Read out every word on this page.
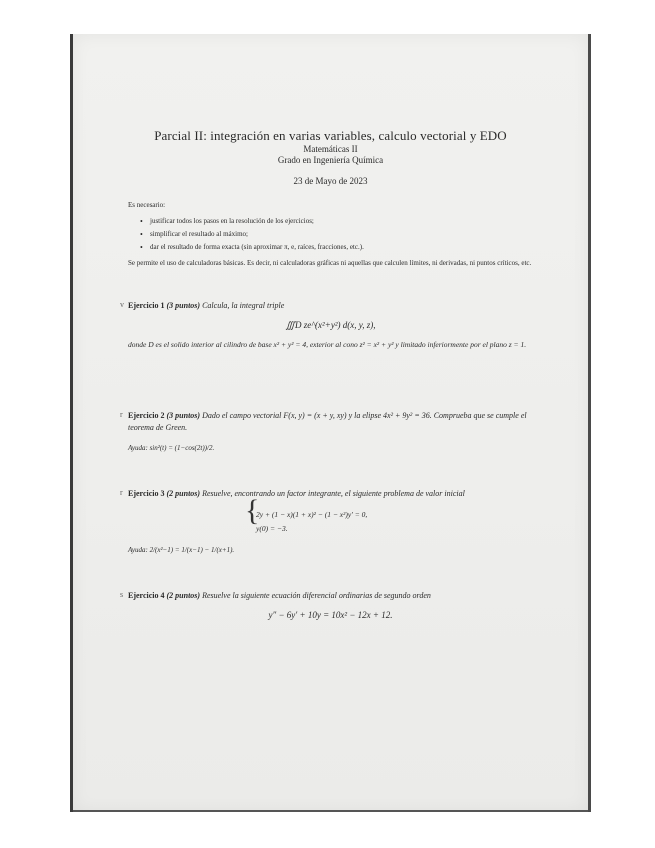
Parcial II: integración en varias variables, calculo vectorial y EDO
Matemáticas II
Grado en Ingeniería Química
23 de Mayo de 2023
Es necesario:
• justificar todos los pasos en la resolución de los ejercicios;
• simplificar el resultado al máximo;
• dar el resultado de forma exacta (sin aproximar π, e, raíces, fracciones, etc.).
Se permite el uso de calculadoras básicas. Es decir, ni calculadoras gráficas ni aquellas que calculen límites, ni derivadas, ni puntos críticos, etc.
v Ejercicio 1 (3 puntos) Calcula, la integral triple
∭D ze^(x²+y²) d(x, y, z),
donde D es el solido interior al cilindro de base x² + y² = 4, exterior al cono z² = x² + y² y limitado inferiormente por el plano z = 1.
r Ejercicio 2 (3 puntos) Dado el campo vectorial F(x, y) = (x + y, xy) y la elipse 4x² + 9y² = 36. Comprueba que se cumple el teorema de Green.
Ayuda: sin²(t) = (1−cos(2t))/2.
r Ejercicio 3 (2 puntos) Resuelve, encontrando un factor integrante, el siguiente problema de valor inicial
{ 2y + (1 − x)(1 + x)² − (1 − x²)y′ = 0,
y(0) = −3.
Ayuda: 2/(x²−1) = 1/(x−1) − 1/(x+1).
s Ejercicio 4 (2 puntos) Resuelve la siguiente ecuación diferencial ordinarias de segundo orden
y″ − 6y′ + 10y = 10x² − 12x + 12.
